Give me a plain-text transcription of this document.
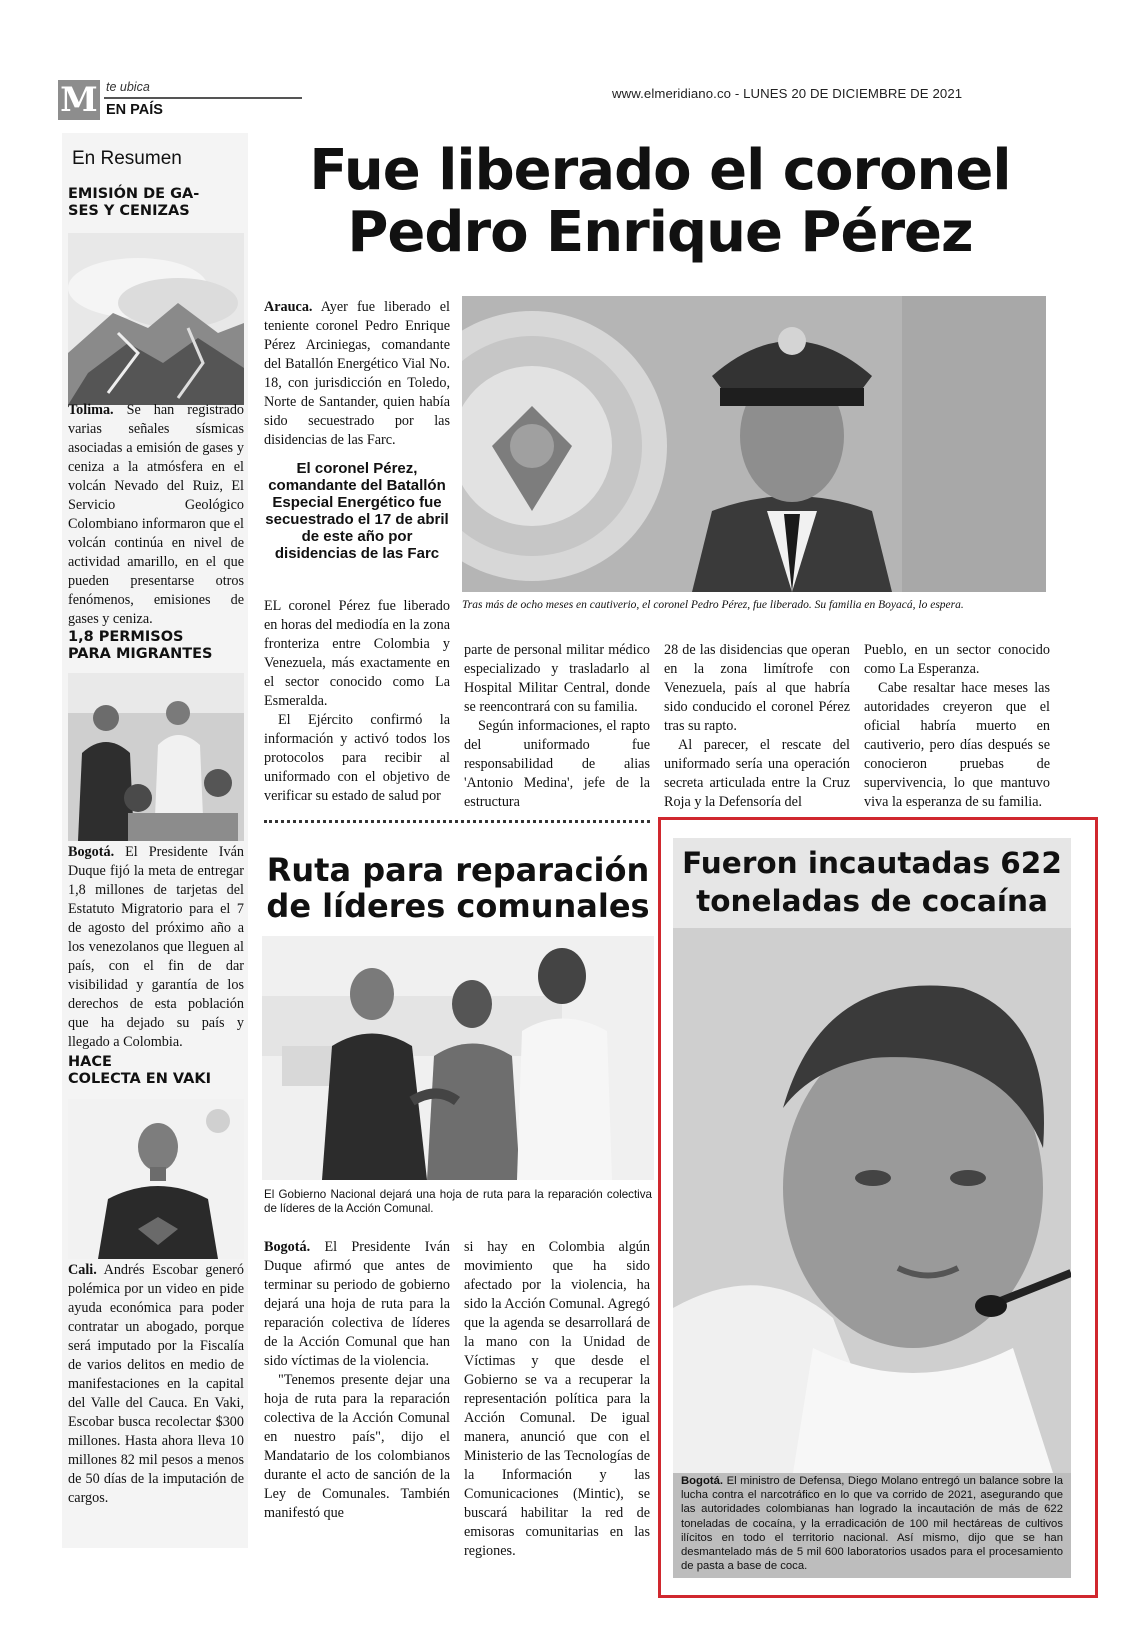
M te ubica
EN PAÍS
www.elmeridiano.co - LUNES 20 DE DICIEMBRE DE 2021
En Resumen
EMISIÓN DE GA-
SES Y CENIZAS

Tolima. Se han registrado varias señales sísmicas asociadas a emisión de gases y ceniza a la atmósfera en el volcán Nevado del Ruiz, El Servicio Geológico Colombiano informaron que el volcán continúa en nivel de actividad amarillo, en el que pueden presentarse otros fenómenos, emisiones de gases y ceniza.

1,8 PERMISOS
PARA MIGRANTES

Bogotá. El Presidente Iván Duque fijó la meta de entregar 1,8 millones de tarjetas del Estatuto Migratorio para el 7 de agosto del próximo año a los venezolanos que lleguen al país, con el fin de dar visibilidad y garantía de los derechos de esta población que ha dejado su país y llegado a Colombia.

HACE
COLECTA EN VAKI

Cali. Andrés Escobar generó polémica por un video en pide ayuda económica para poder contratar un abogado, porque será imputado por la Fiscalía de varios delitos en medio de manifestaciones en la capital del Valle del Cauca. En Vaki, Escobar busca recolectar $300 millones. Hasta ahora lleva 10 millones 82 mil pesos a menos de 50 días de la imputación de cargos.

Fue liberado el coronel
Pedro Enrique Pérez

Arauca. Ayer fue liberado el teniente coronel Pedro Enrique Pérez Arciniegas, comandante del Batallón Energético Vial No. 18, con jurisdicción en Toledo, Norte de Santander, quien había sido secuestrado por las disidencias de las Farc.

El coronel Pérez, comandante del Batallón Especial Energético fue secuestrado el 17 de abril de este año por disidencias de las Farc
Tras más de ocho meses en cautiverio, el coronel Pedro Pérez, fue liberado. Su familia en Boyacá, lo espera.

EL coronel Pérez fue liberado en horas del mediodía en la zona fronteriza entre Colombia y Venezuela, más exactamente en el sector conocido como La Esmeralda.

El Ejército confirmó la información y activó todos los protocolos para recibir al uniformado con el objetivo de verificar su estado de salud por

parte de personal militar médico especializado y trasladarlo al Hospital Militar Central, donde se reencontrará con su familia.

Según informaciones, el rapto del uniformado fue responsabilidad de alias 'Antonio Medina', jefe de la estructura

28 de las disidencias que operan en la zona limítrofe con Venezuela, país al que habría sido conducido el coronel Pérez tras su rapto.

Al parecer, el rescate del uniformado sería una operación secreta articulada entre la Cruz Roja y la Defensoría del

Pueblo, en un sector conocido como La Esperanza.

Cabe resaltar hace meses las autoridades creyeron que el oficial habría muerto en cautiverio, pero días después se conocieron pruebas de supervivencia, lo que mantuvo viva la esperanza de su familia.

Ruta para reparación
de líderes comunales
El Gobierno Nacional dejará una hoja de ruta para la reparación colectiva de líderes de la Acción Comunal.

Bogotá. El Presidente Iván Duque afirmó que antes de terminar su periodo de gobierno dejará una hoja de ruta para la reparación colectiva de líderes de la Acción Comunal que han sido víctimas de la violencia.

"Tenemos presente dejar una hoja de ruta para la reparación colectiva de la Acción Comunal en nuestro país", dijo el Mandatario de los colombianos durante el acto de sanción de la Ley de Comunales. También manifestó que

si hay en Colombia algún movimiento que ha sido afectado por la violencia, ha sido la Acción Comunal. Agregó que la agenda se desarrollará de la mano con la Unidad de Víctimas y que desde el Gobierno se va a recuperar la representación política para la Acción Comunal. De igual manera, anunció que con el Ministerio de las Tecnologías de la Información y las Comunicaciones (Mintic), se buscará habilitar la red de emisoras comunitarias en las regiones.

Fueron incautadas 622
toneladas de cocaína
Bogotá. El ministro de Defensa, Diego Molano entregó un balance sobre la lucha contra el narcotráfico en lo que va corrido de 2021, asegurando que las autoridades colombianas han logrado la incautación de más de 622 toneladas de cocaína, y la erradicación de 100 mil hectáreas de cultivos ilícitos en todo el territorio nacional. Así mismo, dijo que se han desmantelado más de 5 mil 600 laboratorios usados para el procesamiento de pasta a base de coca.
